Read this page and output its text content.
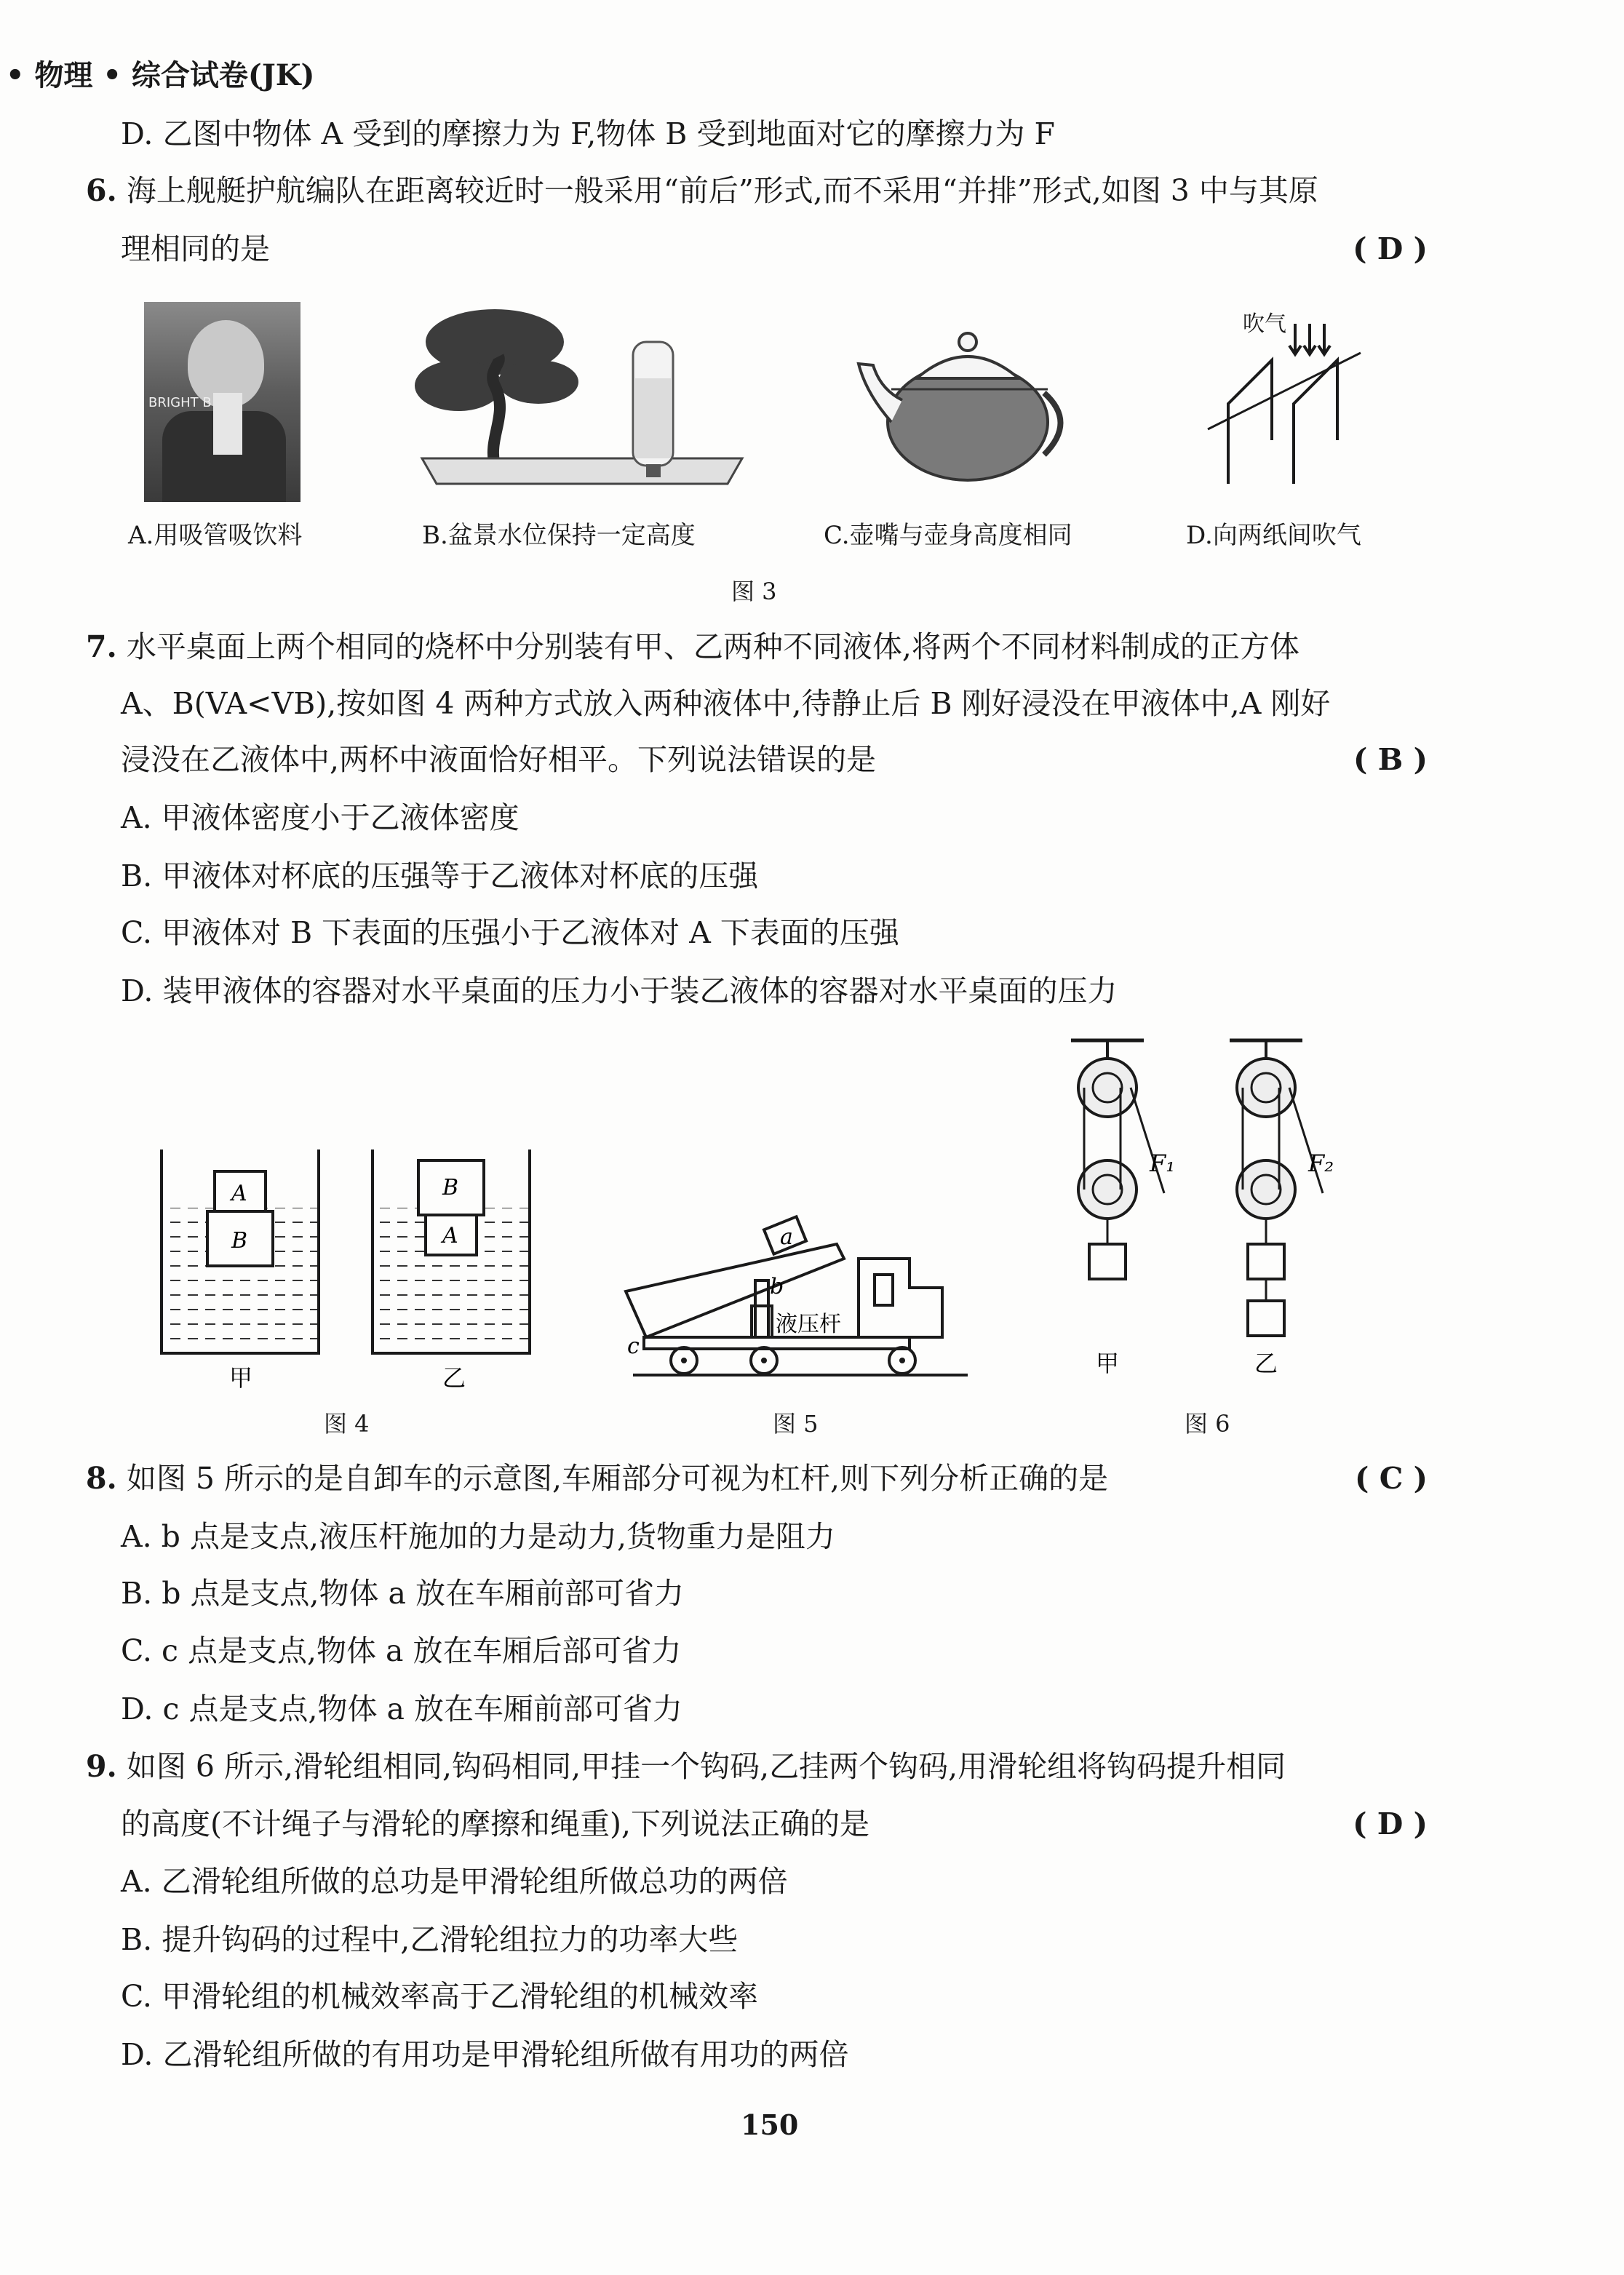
• 物理 • 综合试卷(JK)
D. 乙图中物体 A 受到的摩擦力为 F,物体 B 受到地面对它的摩擦力为 F
6. 海上舰艇护航编队在距离较近时一般采用“前后”形式,而不采用“并排”形式,如图 3 中与其原
理相同的是	( D )
BRIGHT B
吹气
A.用吸管吸饮料	B.盆景水位保持一定高度	C.壶嘴与壶身高度相同	D.向两纸间吹气
图 3
7. 水平桌面上两个相同的烧杯中分别装有甲、乙两种不同液体,将两个不同材料制成的正方体
A、B(VA<VB),按如图 4 两种方式放入两种液体中,待静止后 B 刚好浸没在甲液体中,A 刚好
浸没在乙液体中,两杯中液面恰好相平。下列说法错误的是	( B )
A. 甲液体密度小于乙液体密度
B. 甲液体对杯底的压强等于乙液体对杯底的压强
C. 甲液体对 B 下表面的压强小于乙液体对 A 下表面的压强
D. 装甲液体的容器对水平桌面的压力小于装乙液体的容器对水平桌面的压力
A
B
B
A
甲	乙
图 4
a
b
c
液压杆
图 5
F₁	F₂
甲	乙
图 6
8. 如图 5 所示的是自卸车的示意图,车厢部分可视为杠杆,则下列分析正确的是	( C )
A. b 点是支点,液压杆施加的力是动力,货物重力是阻力
B. b 点是支点,物体 a 放在车厢前部可省力
C. c 点是支点,物体 a 放在车厢后部可省力
D. c 点是支点,物体 a 放在车厢前部可省力
9. 如图 6 所示,滑轮组相同,钩码相同,甲挂一个钩码,乙挂两个钩码,用滑轮组将钩码提升相同
的高度(不计绳子与滑轮的摩擦和绳重),下列说法正确的是	( D )
A. 乙滑轮组所做的总功是甲滑轮组所做总功的两倍
B. 提升钩码的过程中,乙滑轮组拉力的功率大些
C. 甲滑轮组的机械效率高于乙滑轮组的机械效率
D. 乙滑轮组所做的有用功是甲滑轮组所做有用功的两倍
150
